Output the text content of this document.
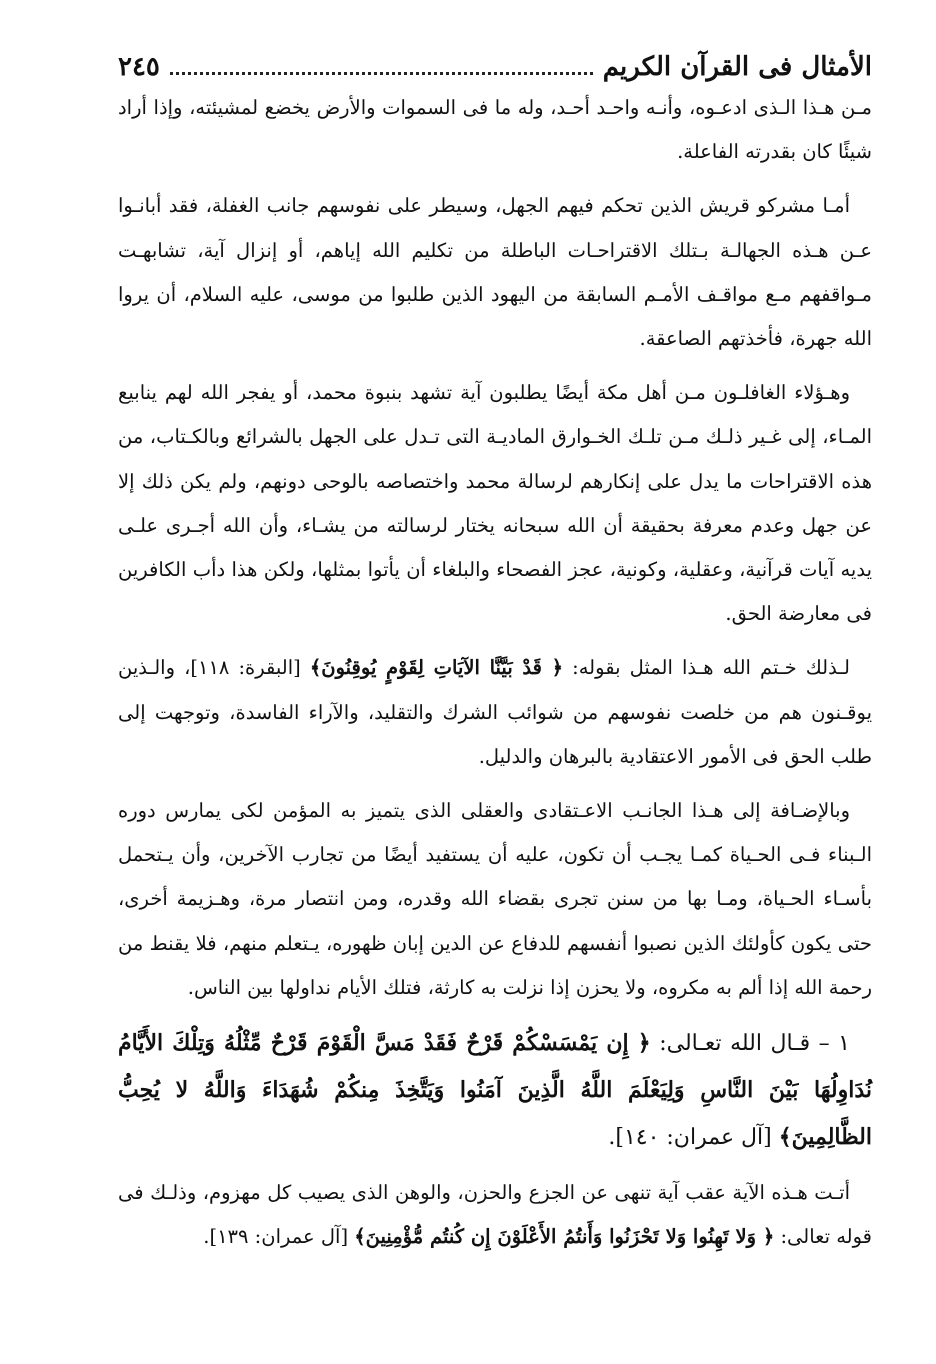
الأمثال فى القرآن الكريم
٢٤٥

مـن هـذا الـذى ادعـوه، وأنـه واحـد أحـد، وله ما فى السموات والأرض يخضع لمشيئته، وإذا أراد شيئًا كان بقدرته الفاعلة.

أمـا مشركو قريش الذين تحكم فيهم الجهل، وسيطر على نفوسهم جانب الغفلة، فقد أبانـوا عـن هـذه الجهالـة بـتلك الاقتراحـات الباطلة من تكليم الله إياهم، أو إنزال آية، تشابهـت مـواقفهم مـع مواقـف الأمـم السابقة من اليهود الذين طلبوا من موسى، عليه السلام، أن يروا الله جهرة، فأخذتهم الصاعقة.

وهـؤلاء الغافلـون مـن أهل مكة أيضًا يطلبون آية تشهد بنبوة محمد، أو يفجر الله لهم ينابيع المـاء، إلى غـير ذلـك مـن تلـك الخـوارق الماديـة التى تـدل على الجهل بالشرائع وبالكـتاب، من هذه الاقتراحات ما يدل على إنكارهم لرسالة محمد واختصاصه بالوحى دونهم، ولم يكن ذلك إلا عن جهل وعدم معرفة بحقيقة أن الله سبحانه يختار لرسالته من يشـاء، وأن الله أجـرى علـى يديه آيات قرآنية، وعقلية، وكونية، عجز الفصحاء والبلغاء أن يأتوا بمثلها، ولكن هذا دأب الكافرين فى معارضة الحق.

لـذلك خـتم الله هـذا المثل بقوله: ﴿ قَدْ بَيَّنَّا الآيَاتِ لِقَوْمٍ يُوقِنُونَ﴾ [البقرة: ١١٨]، والـذين يوقـنون هم من خلصت نفوسهم من شوائب الشرك والتقليد، والآراء الفاسدة، وتوجهت إلى طلب الحق فى الأمور الاعتقادية بالبرهان والدليل.

وبالإضـافة إلى هـذا الجانـب الاعـتقادى والعقلى الذى يتميز به المؤمن لكى يمارس دوره الـبناء فـى الحـياة كمـا يجـب أن تكون، عليه أن يستفيد أيضًا من تجارب الآخرين، وأن يـتحمل بأسـاء الحـياة، ومـا بها من سنن تجرى بقضاء الله وقدره، ومن انتصار مرة، وهـزيمة أخرى، حتى يكون كأولئك الذين نصبوا أنفسهم للدفاع عن الدين إبان ظهوره، يـتعلم منهم، فلا يقنط من رحمة الله إذا ألم به مكروه، ولا يحزن إذا نزلت به كارثة، فتلك الأيام نداولها بين الناس.

١ – قـال الله تعـالى: ﴿ إِن يَمْسَسْكُمْ قَرْحٌ فَقَدْ مَسَّ الْقَوْمَ قَرْحٌ مِّثْلُهُ وَتِلْكَ الأَيَّامُ نُدَاوِلُهَا بَيْنَ النَّاسِ وَلِيَعْلَمَ اللَّهُ الَّذِينَ آمَنُوا وَيَتَّخِذَ مِنكُمْ شُهَدَاءَ وَاللَّهُ لا يُحِبُّ الظَّالِمِينَ﴾ [آل عمران: ١٤٠].

أتـت هـذه الآية عقب آية تنهى عن الجزع والحزن، والوهن الذى يصيب كل مهزوم، وذلـك فى قوله تعالى: ﴿ وَلا تَهِنُوا وَلا تَحْزَنُوا وَأَنتُمُ الأَعْلَوْنَ إِن كُنتُم مُّؤْمِنِينَ﴾ [آل عمران: ١٣٩].
